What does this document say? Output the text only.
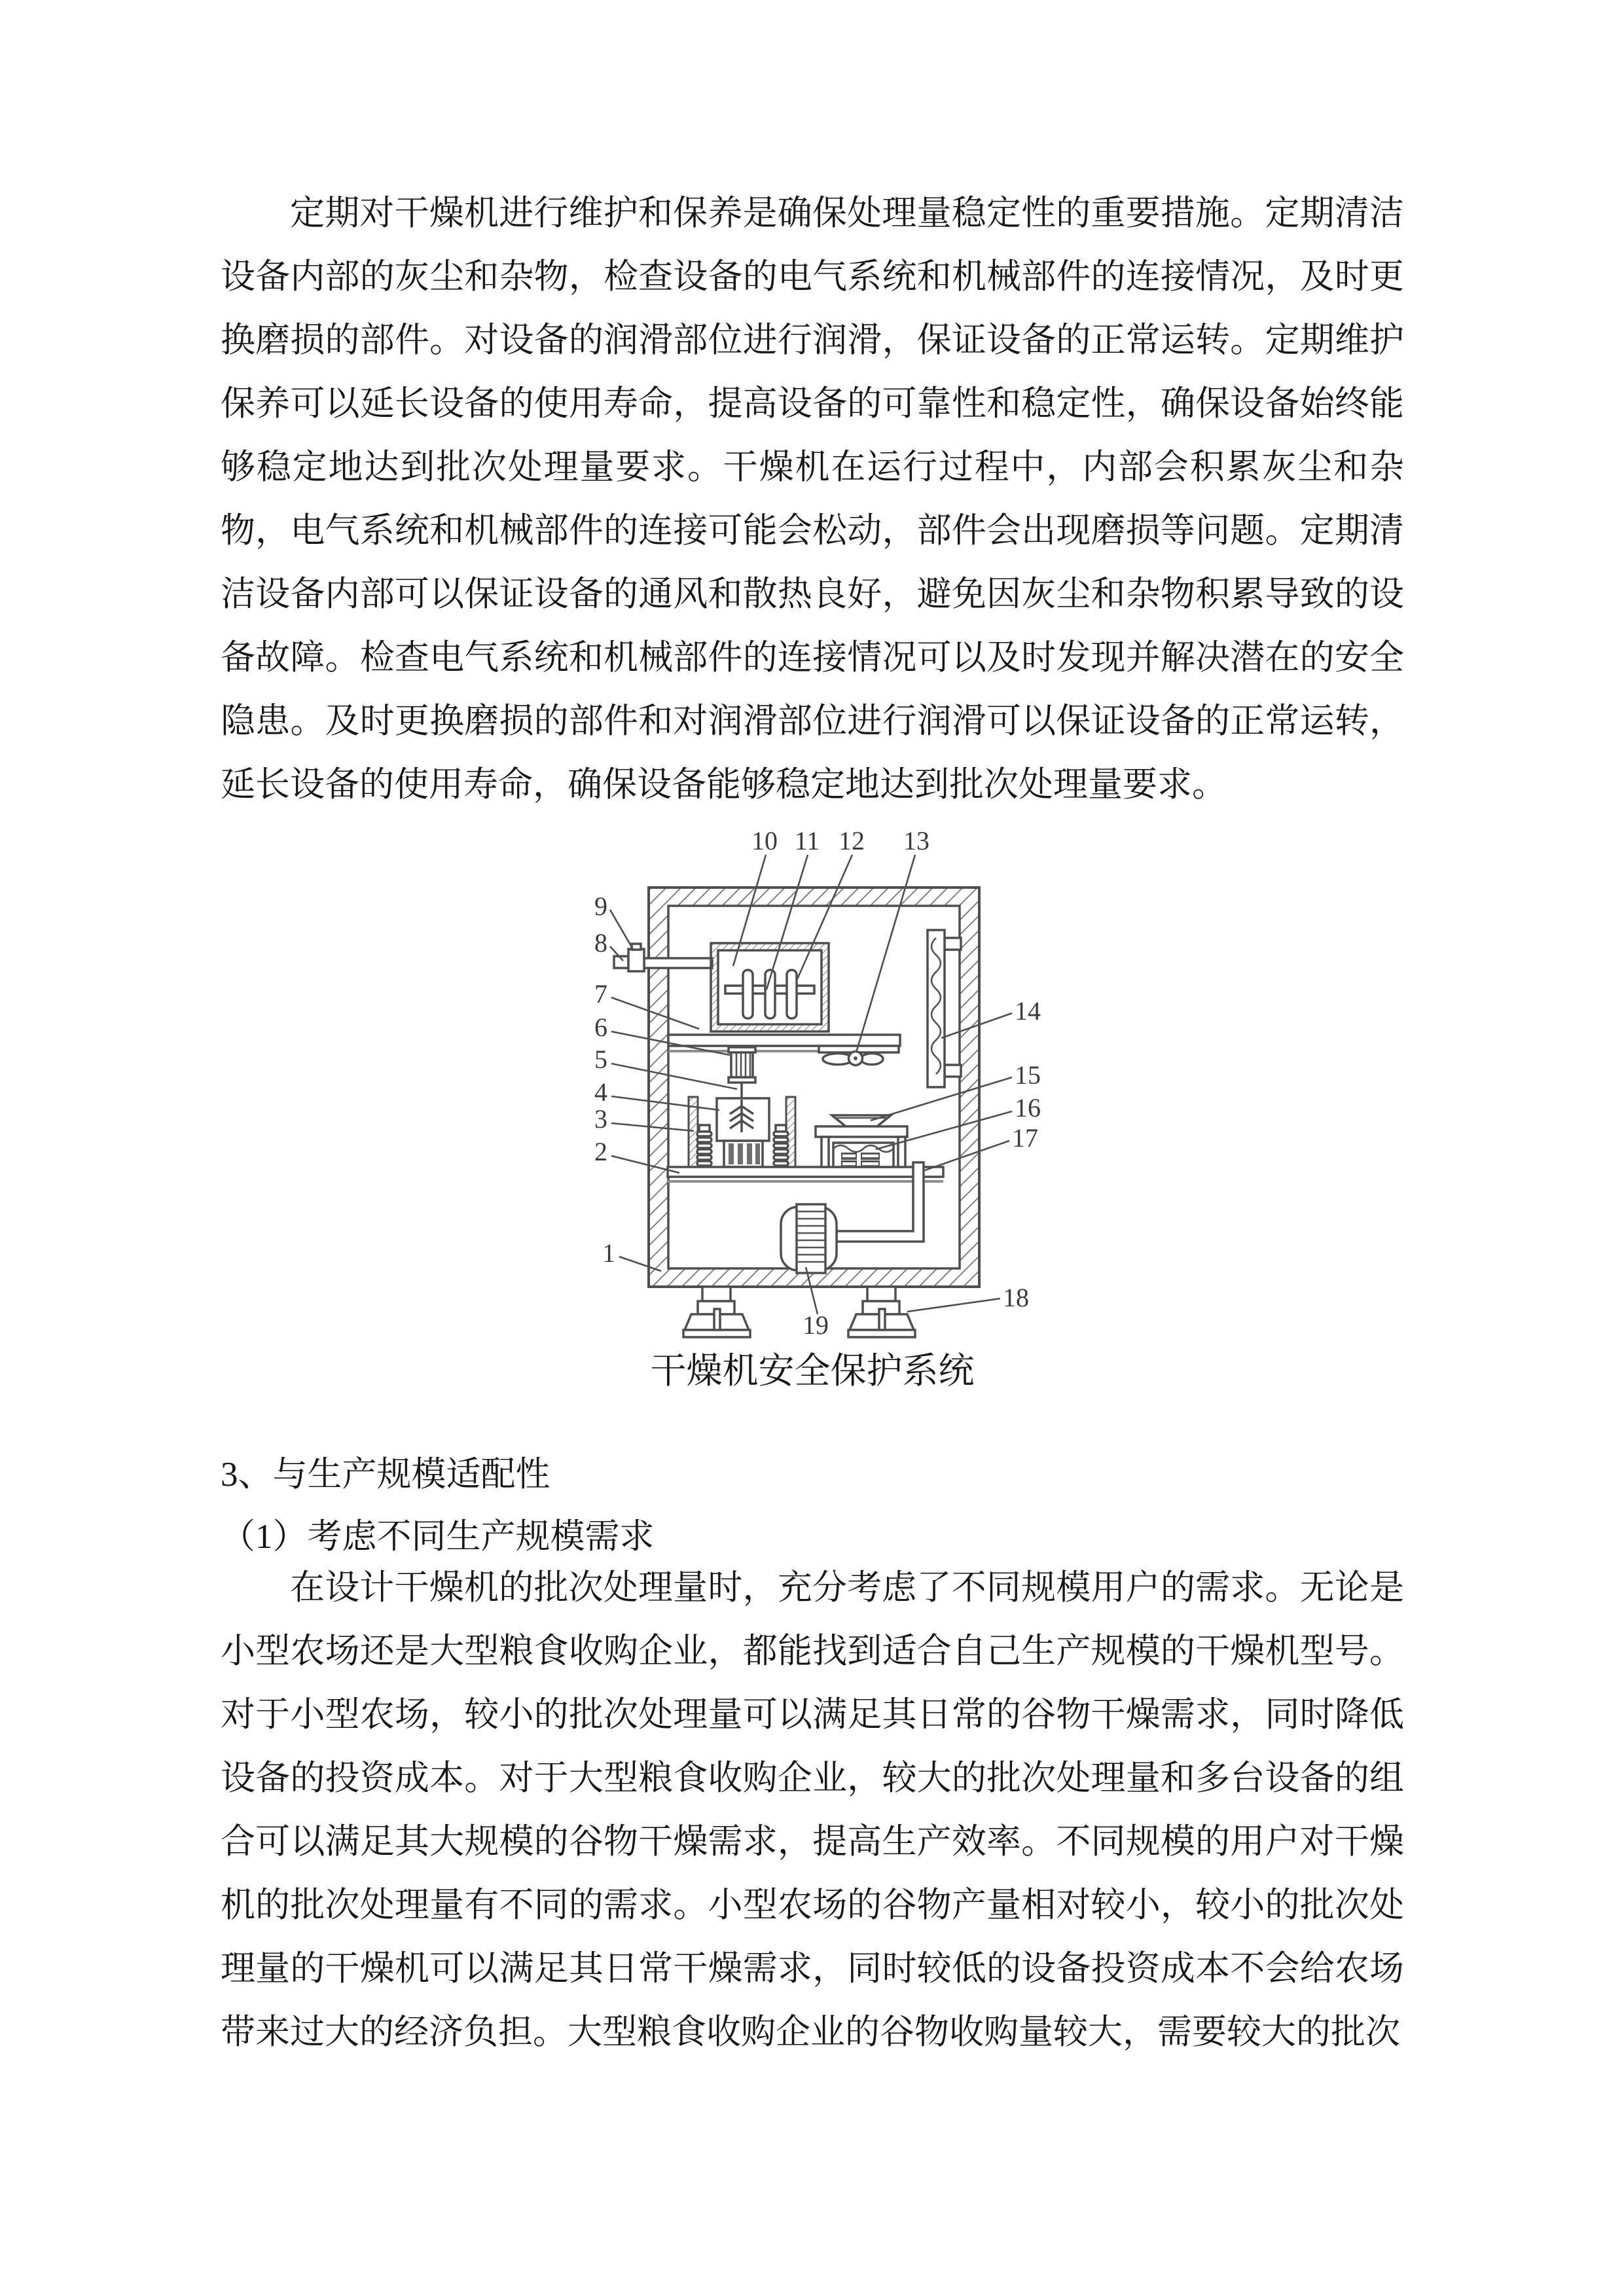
定期对干燥机进行维护和保养是确保处理量稳定性的重要措施。定期清洁设备内部的灰尘和杂物，检查设备的电气系统和机械部件的连接情况，及时更换磨损的部件。对设备的润滑部位进行润滑，保证设备的正常运转。定期维护保养可以延长设备的使用寿命，提高设备的可靠性和稳定性，确保设备始终能够稳定地达到批次处理量要求。干燥机在运行过程中，内部会积累灰尘和杂物，电气系统和机械部件的连接可能会松动，部件会出现磨损等问题。定期清洁设备内部可以保证设备的通风和散热良好，避免因灰尘和杂物积累导致的设备故障。检查电气系统和机械部件的连接情况可以及时发现并解决潜在的安全隐患。及时更换磨损的部件和对润滑部位进行润滑可以保证设备的正常运转，延长设备的使用寿命，确保设备能够稳定地达到批次处理量要求。
9
8
7
6
5
4
3
2
1
10 11 12 13
14
15
16
17
18
19
干燥机安全保护系统
3、与生产规模适配性
（1）考虑不同生产规模需求
在设计干燥机的批次处理量时，充分考虑了不同规模用户的需求。无论是小型农场还是大型粮食收购企业，都能找到适合自己生产规模的干燥机型号。对于小型农场，较小的批次处理量可以满足其日常的谷物干燥需求，同时降低设备的投资成本。对于大型粮食收购企业，较大的批次处理量和多台设备的组合可以满足其大规模的谷物干燥需求，提高生产效率。不同规模的用户对干燥机的批次处理量有不同的需求。小型农场的谷物产量相对较小，较小的批次处理量的干燥机可以满足其日常干燥需求，同时较低的设备投资成本不会给农场带来过大的经济负担。大型粮食收购企业的谷物收购量较大，需要较大的批次
